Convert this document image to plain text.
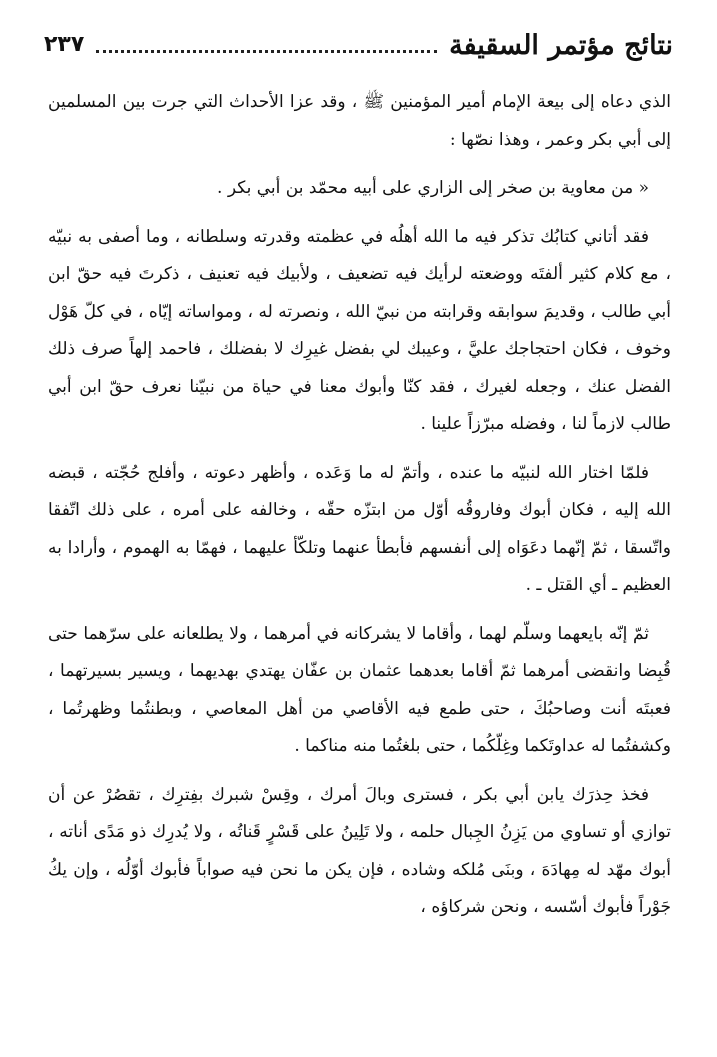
نتائج مؤتمر السقيفة
٢٣٧

الذي دعاه إلى بيعة الإمام أمير المؤمنين ﷺ ، وقد عزا الأحداث التي جرت بين المسلمين إلى أبي بكر وعمر ، وهذا نصّها :

« من معاوية بن صخر إلى الزاري على أبيه محمّد بن أبي بكر .

فقد أتاني كتابُك تذكر فيه ما الله أهلُه في عظمته وقدرته وسلطانه ، وما أصفى به نبيّه ، مع كلام كثير ألفتَه ووضعته لرأيك فيه تضعيف ، ولأبيك فيه تعنيف ، ذكرتَ فيه حقّ ابن أبي طالب ، وقديمَ سوابقه وقرابته من نبيّ الله ، ونصرته له ، ومواساته إيّاه ، في كلّ هَوْل وخوف ، فكان احتجاجك عليَّ ، وعيبك لي بفضل غيرِك لا بفضلك ، فاحمد إلهاً صرف ذلك الفضل عنك ، وجعله لغيرك ، فقد كنّا وأبوك معنا في حياة من نبيّنا نعرف حقّ ابن أبي طالب لازماً لنا ، وفضله مبرّزاً علينا .

فلمّا اختار الله لنبيّه ما عنده ، وأتمّ له ما وَعَده ، وأظهر دعوته ، وأفلج حُجّته ، قبضه الله إليه ، فكان أبوك وفاروقُه أوّل من ابتزّه حقّه ، وخالفه على أمره ، على ذلك اتّفقا واتّسقا ، ثمّ إنّهما دعَوَاه إلى أنفسهم فأبطأ عنهما وتلكّأ عليهما ، فهمّا به الهموم ، وأرادا به العظيم ـ أي القتل ـ .

ثمّ إنّه بايعهما وسلّم لهما ، وأقاما لا يشركانه في أمرهما ، ولا يطلعانه على سرّهما حتى قُبِضا وانقضى أمرهما ثمّ أقاما بعدهما عثمان بن عفّان يهتدي بهديهما ، ويسير بسيرتهما ، فعبتَه أنت وصاحبُكَ ، حتى طمع فيه الأقاصي من أهل المعاصي ، وبطنتُما وظهرتُما ، وكشفتُما له عداوتَكما وغِلّكُما ، حتى بلغتُما منه مناكما .

فخذ حِذرَك يابن أبي بكر ، فسترى وبالَ أمرك ، وقِسْ شبرك بفِترِك ، تقصُرْ عن أن توازي أو تساوي من يَزِنُ الجِبال حلمه ، ولا تَلِينُ على قَسْرٍ قَناتُه ، ولا يُدرِك ذو مَدًى أناته ، أبوك مهّد له مِهادَهَ ، وبنَى مُلكه وشاده ، فإن يكن ما نحن فيه صواباً فأبوك أوّلُه ، وإن يكُ جَوْراً فأبوك أسّسه ، ونحن شركاؤه ،
